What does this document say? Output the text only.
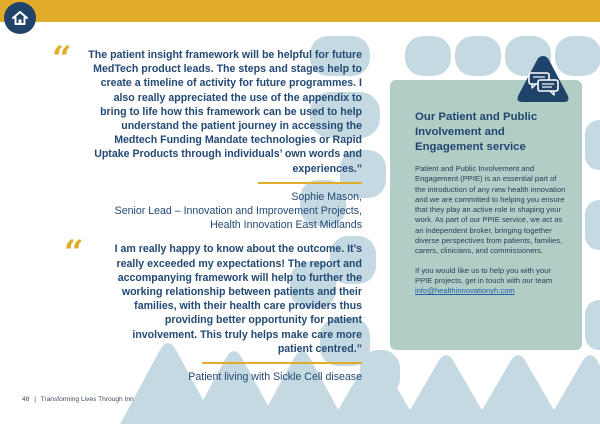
“	The patient insight framework will be helpful for future MedTech product leads. The steps and stages help to create a timeline of activity for future programmes. I also really appreciated the use of the appendix to bring to life how this framework can be used to help understand the patient journey in accessing the Medtech Funding Mandate technologies or Rapid Uptake Products through individuals’ own words and experiences.”

Sophie Mason,

Senior Lead – Innovation and Improvement Projects,

Health Innovation East Midlands

“	I am really happy to know about the outcome. It’s really exceeded my expectations! The report and accompanying framework will help to further the working relationship between patients and their families, with their health care providers thus providing better opportunity for patient involvement. This truly helps make care more patient centred.”

Patient living with Sickle Cell disease

Our Patient and Public Involvement and Engagement service

Patient and Public Involvement and Engagement (PPIE) is an essential part of the introduction of any new health innovation and we are committed to helping you ensure that they play an active role in shaping your work. As part of our PPIE service, we act as an independent broker, bringing together diverse perspectives from patients, families, carers, clinicians, and commissioners.

If you would like us to help you with your PPIE projects, get in touch with our team
info@healthinnovationyh.com

48 | Transforming Lives Through Inn
